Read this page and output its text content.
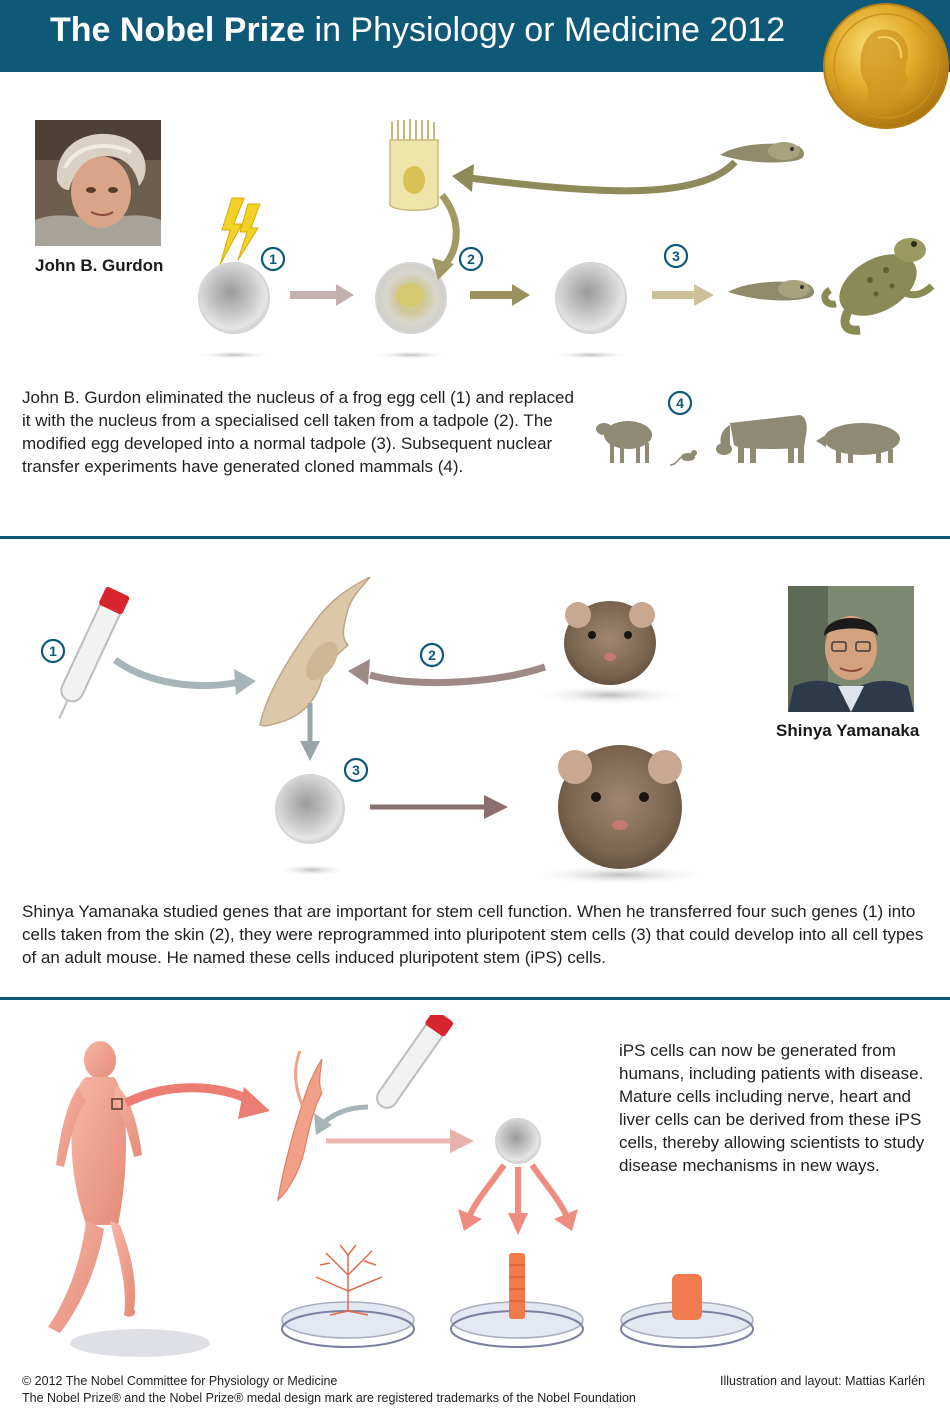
The Nobel Prize in Physiology or Medicine 2012
John B. Gurdon	1	2	3
4
John B. Gurdon eliminated the nucleus of a frog egg cell (1) and replaced it with the nucleus from a specialised cell taken from a tadpole (2). The modified egg developed into a normal tadpole (3). Subsequent nuclear transfer experiments have generated cloned mammals (4).
1	2
3
Shinya Yamanaka
Shinya Yamanaka studied genes that are important for stem cell function. When he transferred four such genes (1) into cells taken from the skin (2), they were reprogrammed into pluripotent stem cells (3) that could develop into all cell types of an adult mouse. He named these cells induced pluripotent stem (iPS) cells.
iPS cells can now be generated from humans, including patients with disease. Mature cells including nerve, heart and liver cells can be derived from these iPS cells, thereby allowing scientists to study disease mechanisms in new ways.
© 2012 The Nobel Committee for Physiology or Medicine
The Nobel Prize® and the Nobel Prize® medal design mark are registered trademarks of the Nobel Foundation
Illustration and layout: Mattias Karlén
